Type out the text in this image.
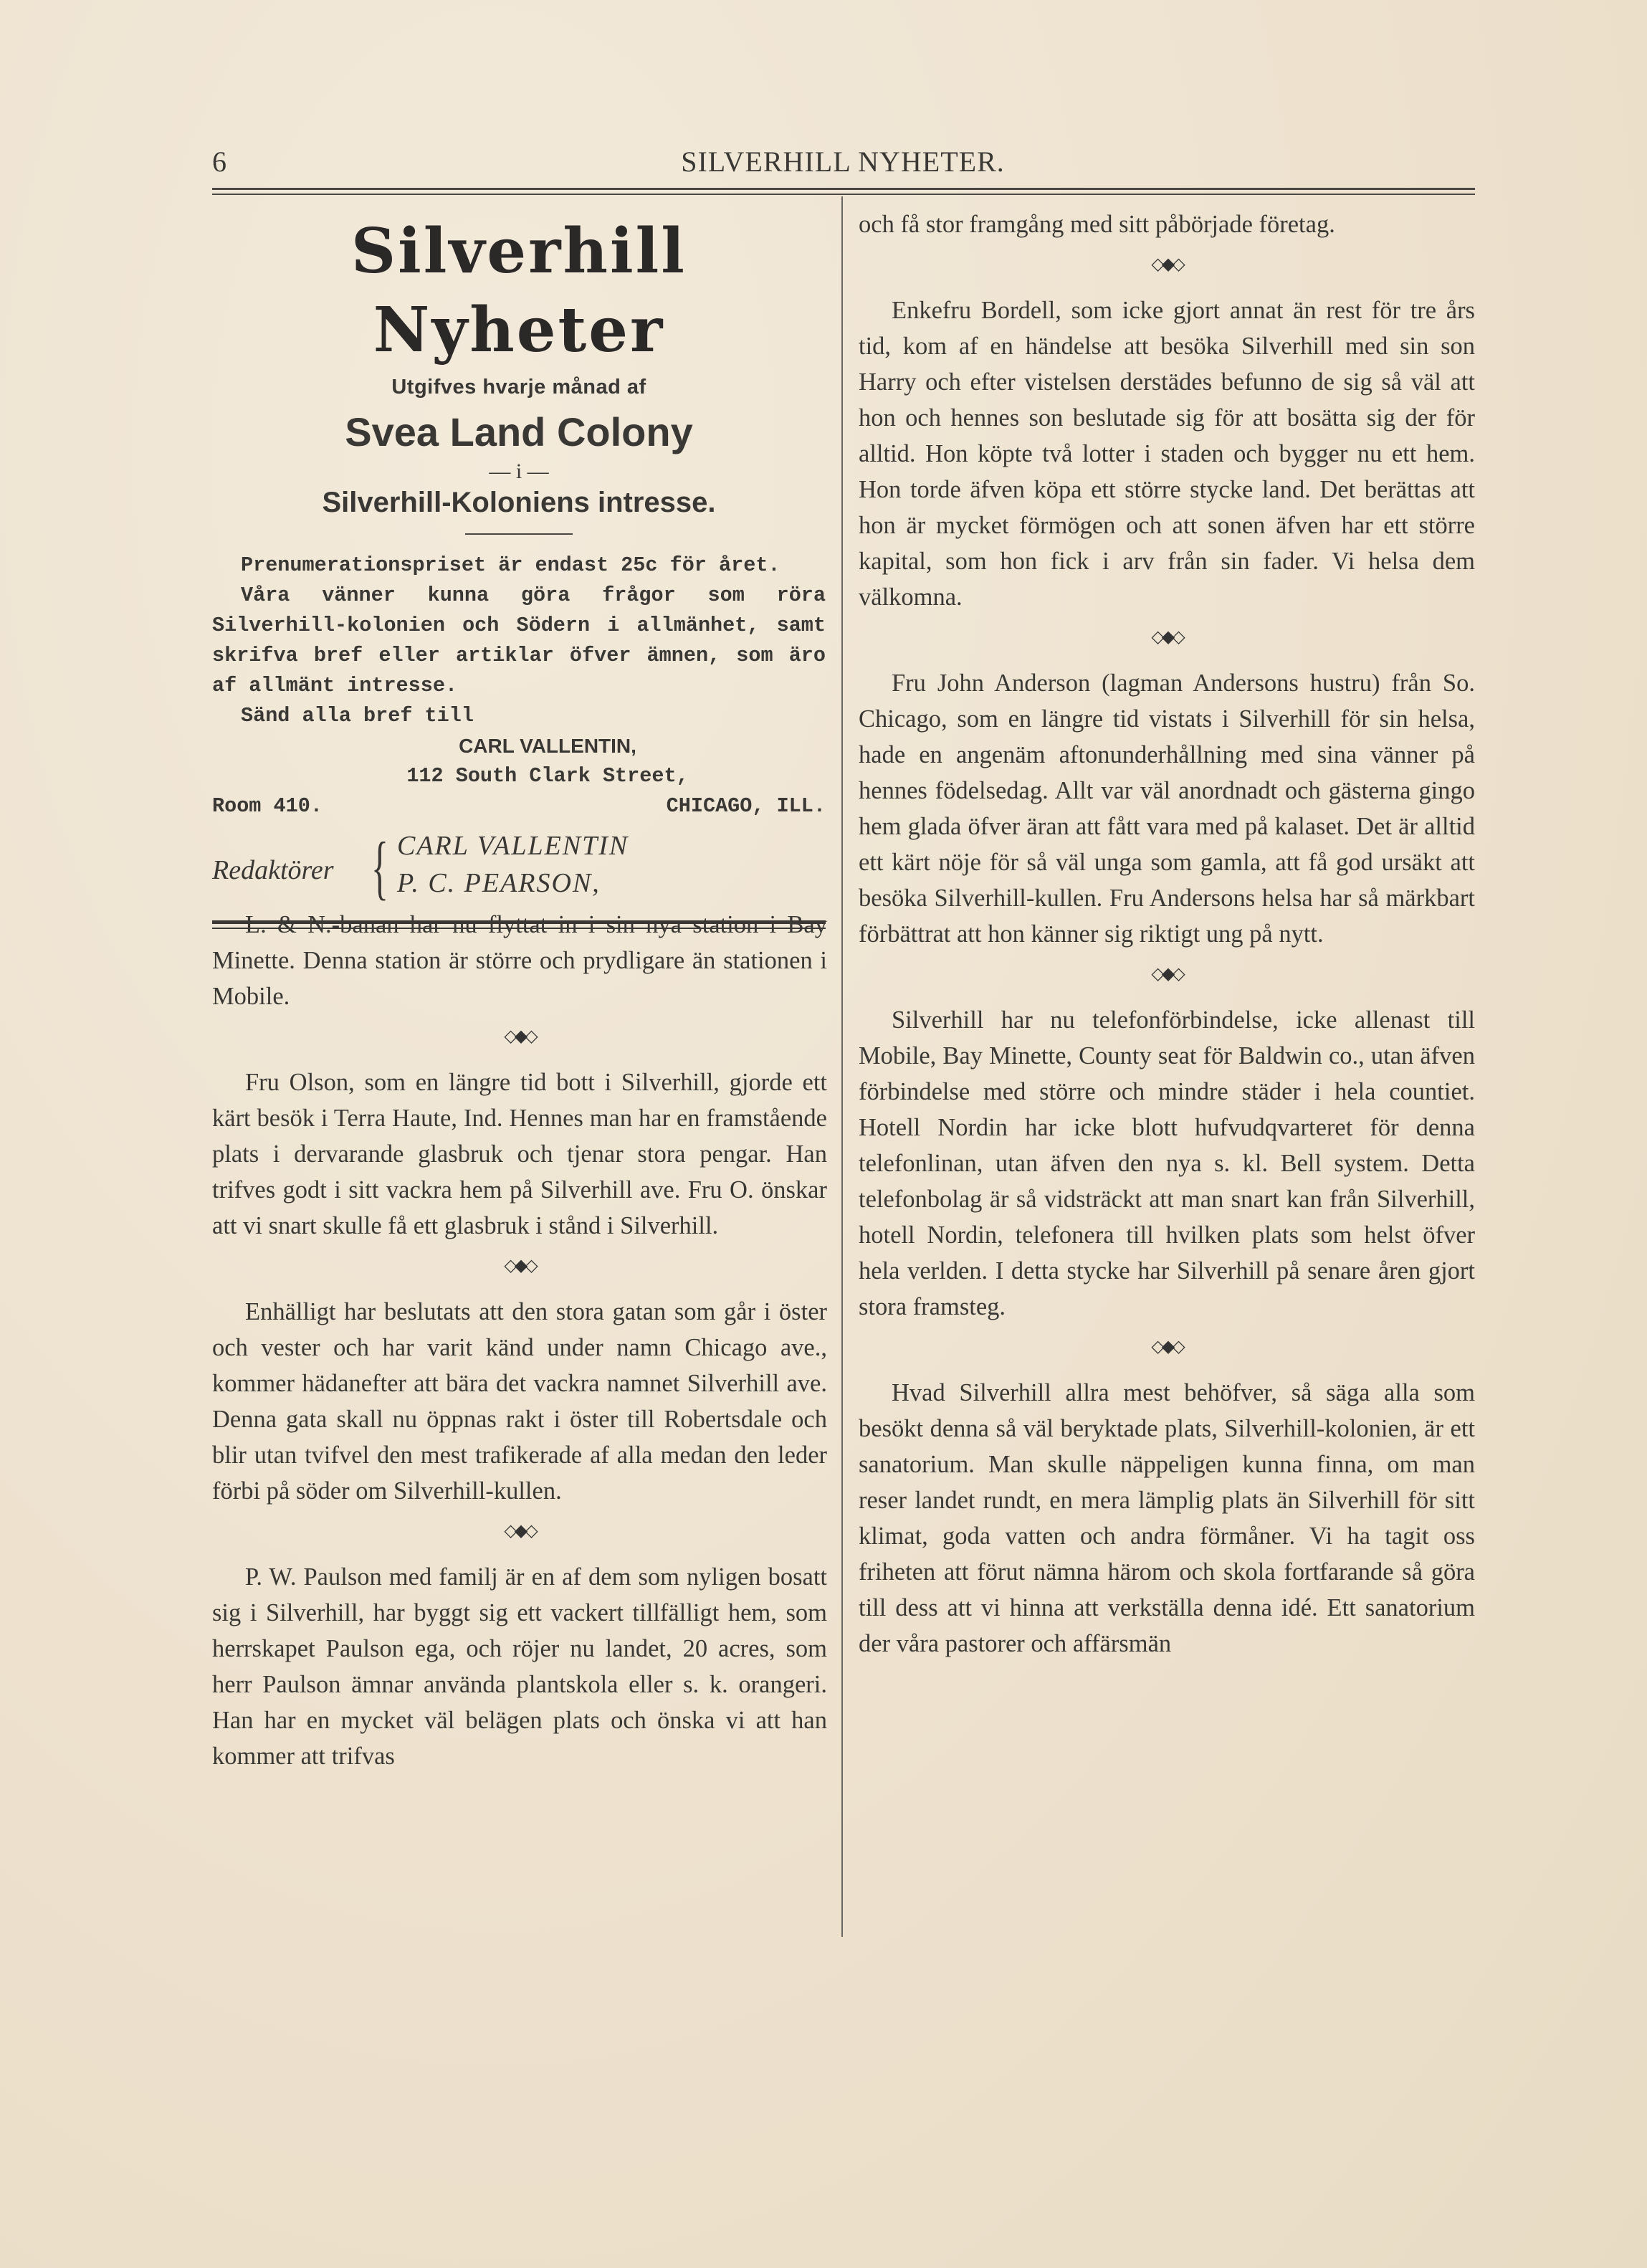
6	SILVERHILL NYHETER.
Silverhill Nyheter
Utgifves hvarje månad af
Svea Land Colony
— i —
Silverhill-Koloniens intresse.

Prenumerationspriset är endast 25c för året.

Våra vänner kunna göra frågor som röra Silverhill-kolonien och Södern i allmänhet, samt skrifva bref eller artiklar öfver ämnen, som äro af allmänt intresse.

Sänd alla bref till
CARL VALLENTIN,
112 South Clark Street,
Room 410.	CHICAGO, ILL.
Redaktörer { CARL VALLENTIN
P. C. PEARSON,

L. & N.-banan har nu flyttat in i sin nya station i Bay Minette. Denna station är större och prydligare än stationen i Mobile.

◇◆◇

Fru Olson, som en längre tid bott i Silverhill, gjorde ett kärt besök i Terra Haute, Ind. Hennes man har en framstående plats i dervarande glasbruk och tjenar stora pengar. Han trifves godt i sitt vackra hem på Silverhill ave. Fru O. önskar att vi snart skulle få ett glasbruk i stånd i Silverhill.

◇◆◇

Enhälligt har beslutats att den stora gatan som går i öster och vester och har varit känd under namn Chicago ave., kommer hädanefter att bära det vackra namnet Silverhill ave. Denna gata skall nu öppnas rakt i öster till Robertsdale och blir utan tvifvel den mest trafikerade af alla medan den leder förbi på söder om Silverhill-kullen.

◇◆◇

P. W. Paulson med familj är en af dem som nyligen bosatt sig i Silverhill, har byggt sig ett vackert tillfälligt hem, som herrskapet Paulson ega, och röjer nu landet, 20 acres, som herr Paulson ämnar använda plantskola eller s. k. orangeri. Han har en mycket väl belägen plats och önska vi att han kommer att trifvas

och få stor framgång med sitt påbörjade företag.

◇◆◇

Enkefru Bordell, som icke gjort annat än rest för tre års tid, kom af en händelse att besöka Silverhill med sin son Harry och efter vistelsen derstädes befunno de sig så väl att hon och hennes son beslutade sig för att bosätta sig der för alltid. Hon köpte två lotter i staden och bygger nu ett hem. Hon torde äfven köpa ett större stycke land. Det berättas att hon är mycket förmögen och att sonen äfven har ett större kapital, som hon fick i arv från sin fader. Vi helsa dem välkomna.

◇◆◇

Fru John Anderson (lagman Andersons hustru) från So. Chicago, som en längre tid vistats i Silverhill för sin helsa, hade en angenäm aftonunderhållning med sina vänner på hennes födelsedag. Allt var väl anordnadt och gästerna gingo hem glada öfver äran att fått vara med på kalaset. Det är alltid ett kärt nöje för så väl unga som gamla, att få god ursäkt att besöka Silverhill-kullen. Fru Andersons helsa har så märkbart förbättrat att hon känner sig riktigt ung på nytt.

◇◆◇

Silverhill har nu telefonförbindelse, icke allenast till Mobile, Bay Minette, County seat för Baldwin co., utan äfven förbindelse med större och mindre städer i hela countiet. Hotell Nordin har icke blott hufvudqvarteret för denna telefonlinan, utan äfven den nya s. kl. Bell system. Detta telefonbolag är så vidsträckt att man snart kan från Silverhill, hotell Nordin, telefonera till hvilken plats som helst öfver hela verlden. I detta stycke har Silverhill på senare åren gjort stora framsteg.

◇◆◇

Hvad Silverhill allra mest behöfver, så säga alla som besökt denna så väl beryktade plats, Silverhill-kolonien, är ett sanatorium. Man skulle näppeligen kunna finna, om man reser landet rundt, en mera lämplig plats än Silverhill för sitt klimat, goda vatten och andra förmåner. Vi ha tagit oss friheten att förut nämna härom och skola fortfarande så göra till dess att vi hinna att verkställa denna idé. Ett sanatorium der våra pastorer och affärsmän
